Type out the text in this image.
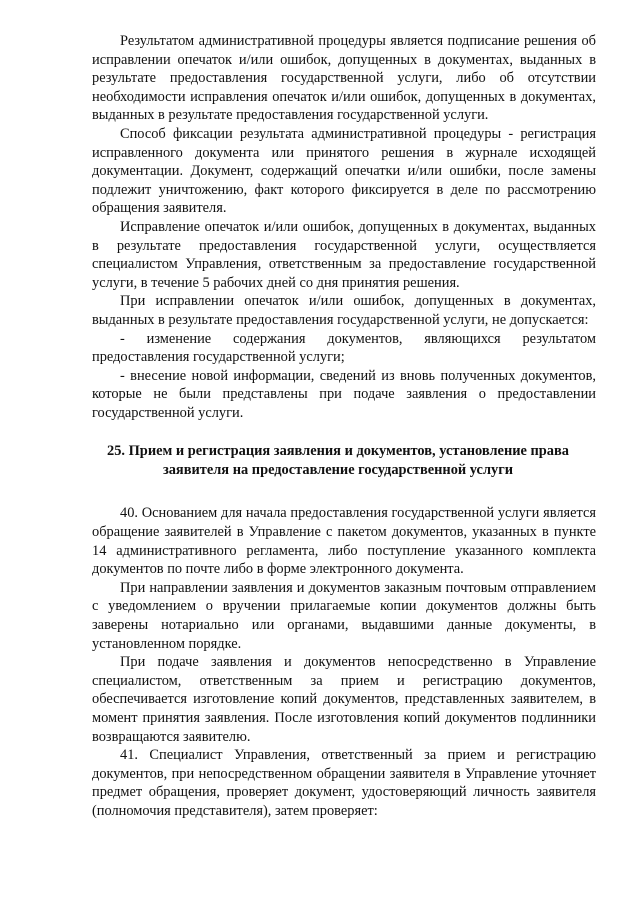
Результатом административной процедуры является подписание решения об исправлении опечаток и/или ошибок, допущенных в документах, выданных в результате предоставления государственной услуги, либо об отсутствии необходимости исправления опечаток и/или ошибок, допущенных в документах, выданных в результате предоставления государственной услуги.

Способ фиксации результата административной процедуры - регистрация исправленного документа или принятого решения в журнале исходящей документации. Документ, содержащий опечатки и/или ошибки, после замены подлежит уничтожению, факт которого фиксируется в деле по рассмотрению обращения заявителя.

Исправление опечаток и/или ошибок, допущенных в документах, выданных в результате предоставления государственной услуги, осуществляется специалистом Управления, ответственным за предоставление государственной услуги, в течение 5 рабочих дней со дня принятия решения.

При исправлении опечаток и/или ошибок, допущенных в документах, выданных в результате предоставления государственной услуги, не допускается:

- изменение содержания документов, являющихся результатом предоставления государственной услуги;

- внесение новой информации, сведений из вновь полученных документов, которые не были представлены при подаче заявления о предоставлении государственной услуги.

25. Прием и регистрация заявления и документов, установление права заявителя на предоставление государственной услуги

40. Основанием для начала предоставления государственной услуги является обращение заявителей в Управление с пакетом документов, указанных в пункте 14 административного регламента, либо поступление указанного комплекта документов по почте либо в форме электронного документа.

При направлении заявления и документов заказным почтовым отправлением с уведомлением о вручении прилагаемые копии документов должны быть заверены нотариально или органами, выдавшими данные документы, в установленном порядке.

При подаче заявления и документов непосредственно в Управление специалистом, ответственным за прием и регистрацию документов, обеспечивается изготовление копий документов, представленных заявителем, в момент принятия заявления. После изготовления копий документов подлинники возвращаются заявителю.

41. Специалист Управления, ответственный за прием и регистрацию документов, при непосредственном обращении заявителя в Управление уточняет предмет обращения, проверяет документ, удостоверяющий личность заявителя (полномочия представителя), затем проверяет:
